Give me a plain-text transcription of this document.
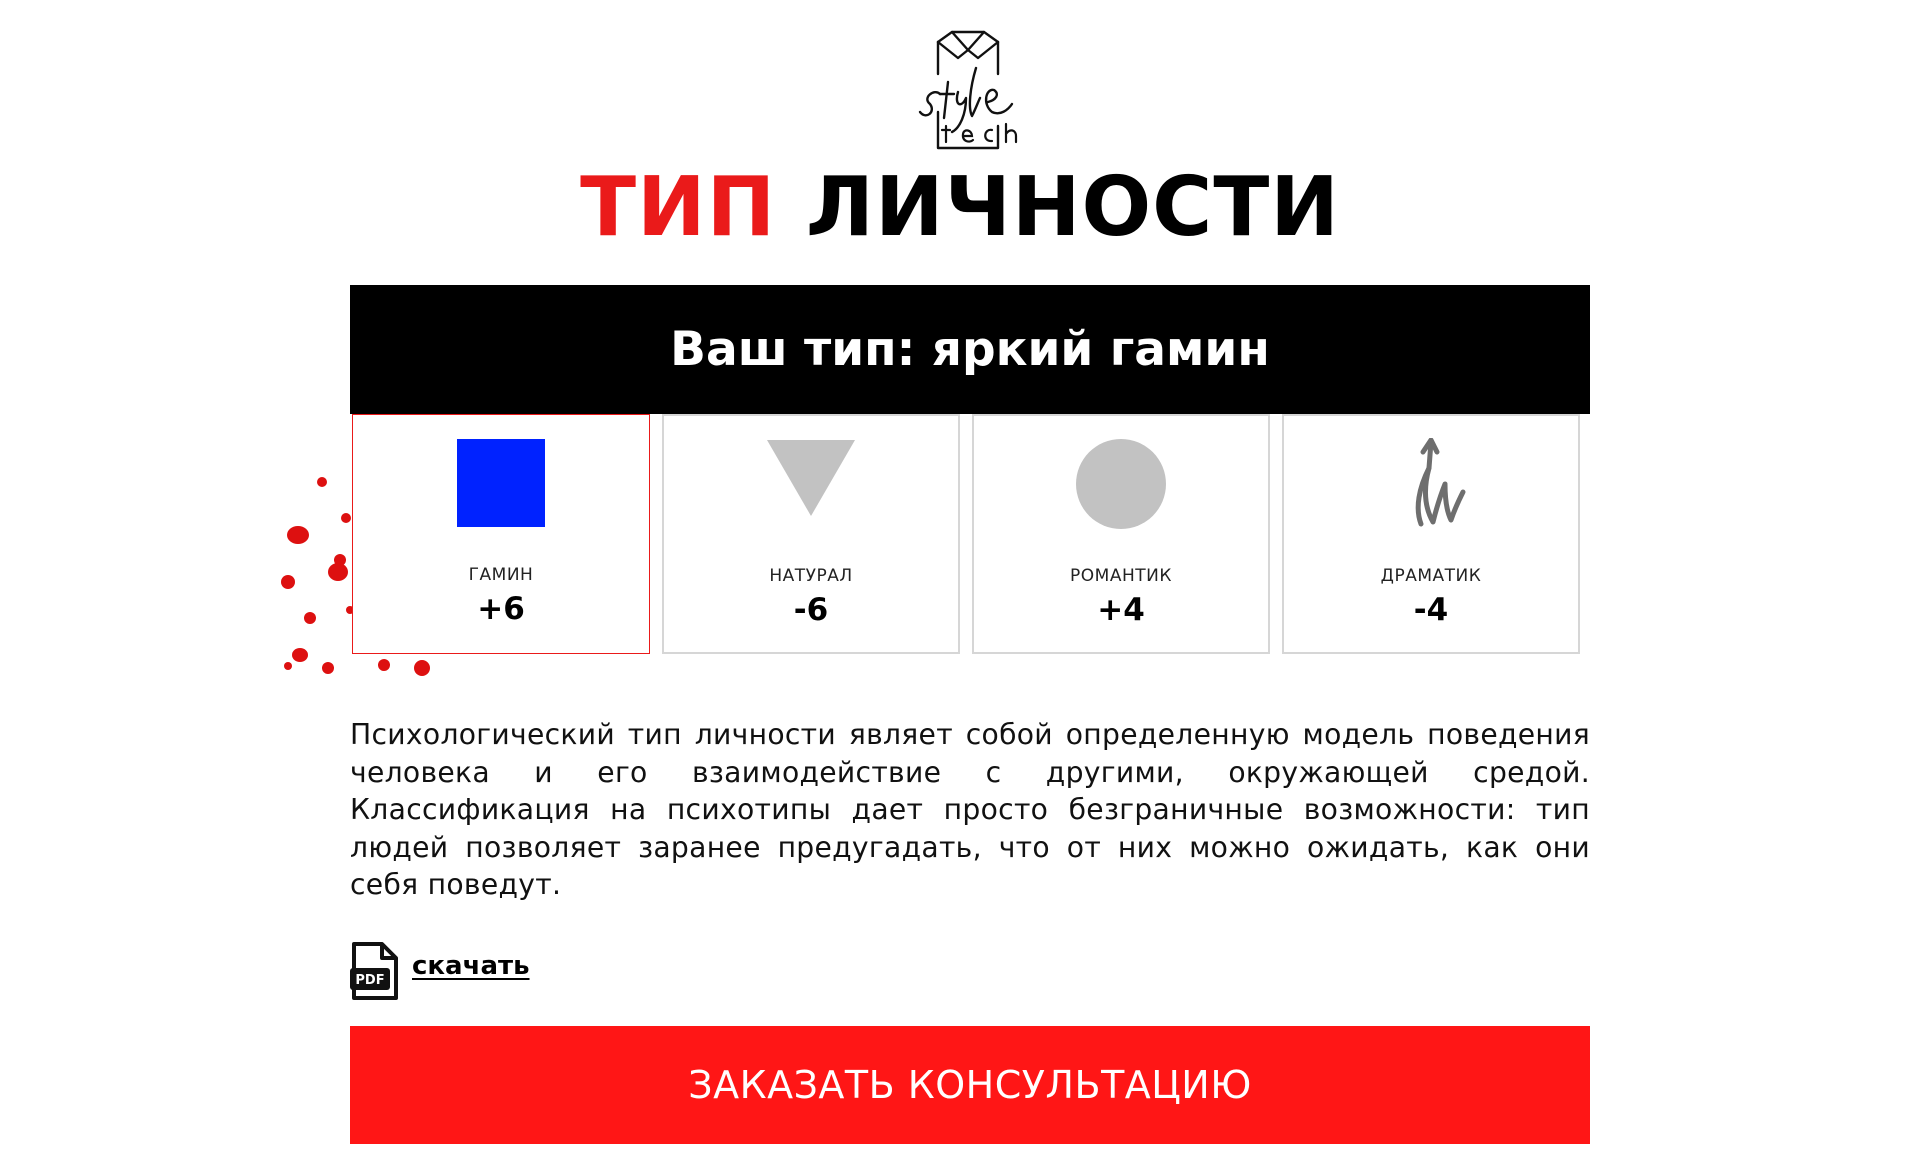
ТИП ЛИЧНОСТИ
Ваш тип: яркий гамин
ГАМИН
+6
НАТУРАЛ
-6
РОМАНТИК
+4
ДРАМАТИК
-4

Психологический тип личности являет собой определенную модель поведения человека и его взаимодействие с другими, окружающей средой. Классификация на психотипы дает просто безграничные возможности: тип людей позволяет заранее предугадать, что от них можно ожидать, как они себя поведут.

PDF скачать
ЗАКАЗАТЬ КОНСУЛЬТАЦИЮ
